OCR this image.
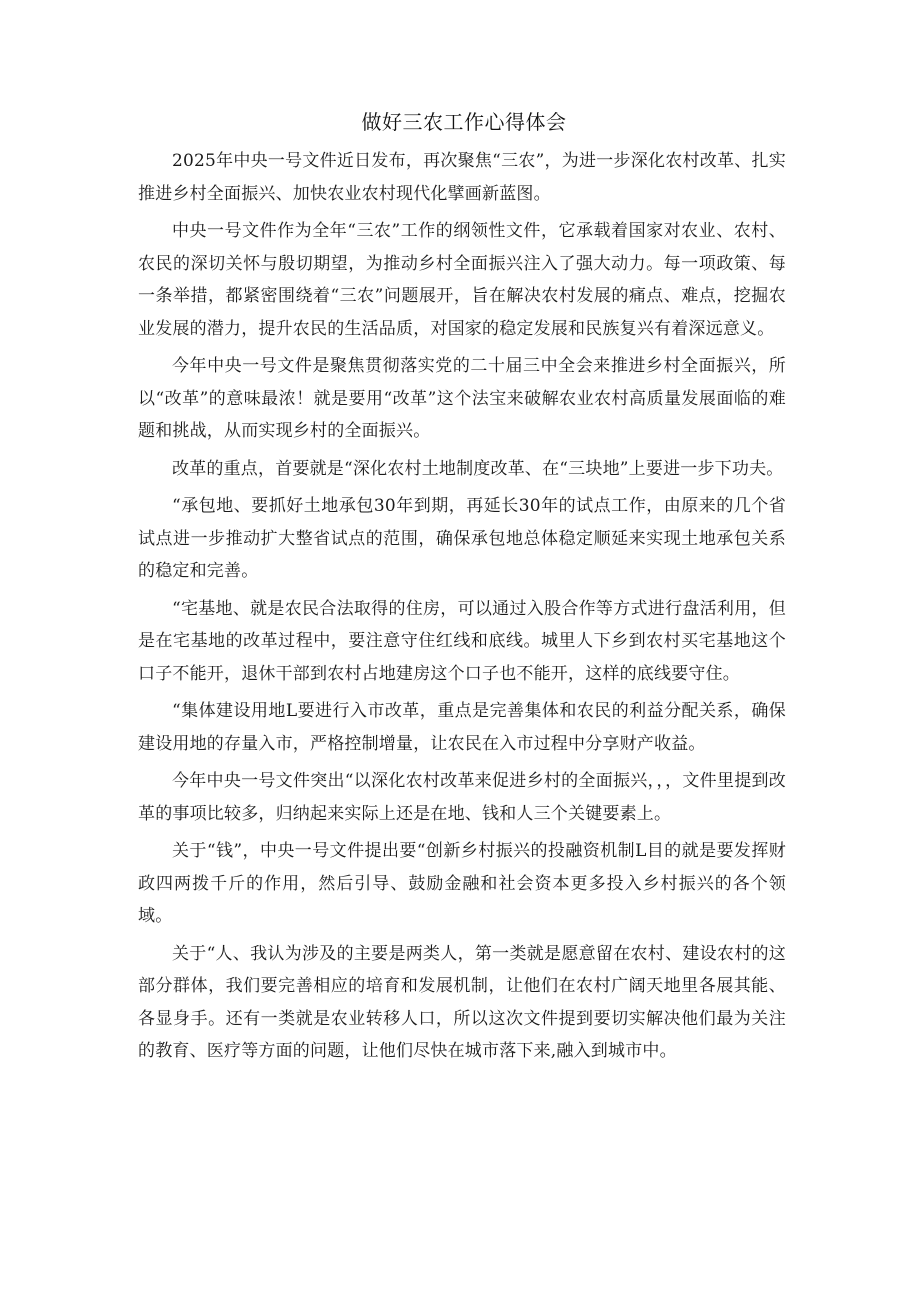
做好三农工作心得体会

2025年中央一号文件近日发布，再次聚焦“三农”，为进一步深化农村改革、扎实推进乡村全面振兴、加快农业农村现代化擘画新蓝图。

中央一号文件作为全年“三农”工作的纲领性文件，它承载着国家对农业、农村、农民的深切关怀与殷切期望，为推动乡村全面振兴注入了强大动力。每一项政策、每一条举措，都紧密围绕着“三农”问题展开，旨在解决农村发展的痛点、难点，挖掘农业发展的潜力，提升农民的生活品质，对国家的稳定发展和民族复兴有着深远意义。

今年中央一号文件是聚焦贯彻落实党的二十届三中全会来推进乡村全面振兴，所以“改革”的意味最浓！就是要用“改革”这个法宝来破解农业农村高质量发展面临的难题和挑战，从而实现乡村的全面振兴。

改革的重点，首要就是“深化农村土地制度改革、在“三块地”上要进一步下功夫。

“承包地、要抓好土地承包30年到期，再延长30年的试点工作，由原来的几个省试点进一步推动扩大整省试点的范围，确保承包地总体稳定顺延来实现土地承包关系的稳定和完善。

“宅基地、就是农民合法取得的住房，可以通过入股合作等方式进行盘活利用，但是在宅基地的改革过程中，要注意守住红线和底线。城里人下乡到农村买宅基地这个口子不能开，退休干部到农村占地建房这个口子也不能开，这样的底线要守住。

“集体建设用地L要进行入市改革，重点是完善集体和农民的利益分配关系，确保建设用地的存量入市，严格控制增量，让农民在入市过程中分享财产收益。

今年中央一号文件突出“以深化农村改革来促进乡村的全面振兴，，，文件里提到改革的事项比较多，归纳起来实际上还是在地、钱和人三个关键要素上。

关于“钱”，中央一号文件提出要“创新乡村振兴的投融资机制L目的就是要发挥财政四两拨千斤的作用，然后引导、鼓励金融和社会资本更多投入乡村振兴的各个领域。

关于“人、我认为涉及的主要是两类人，第一类就是愿意留在农村、建设农村的这部分群体，我们要完善相应的培育和发展机制，让他们在农村广阔天地里各展其能、各显身手。还有一类就是农业转移人口，所以这次文件提到要切实解决他们最为关注的教育、医疗等方面的问题，让他们尽快在城市落下来,融入到城市中。
